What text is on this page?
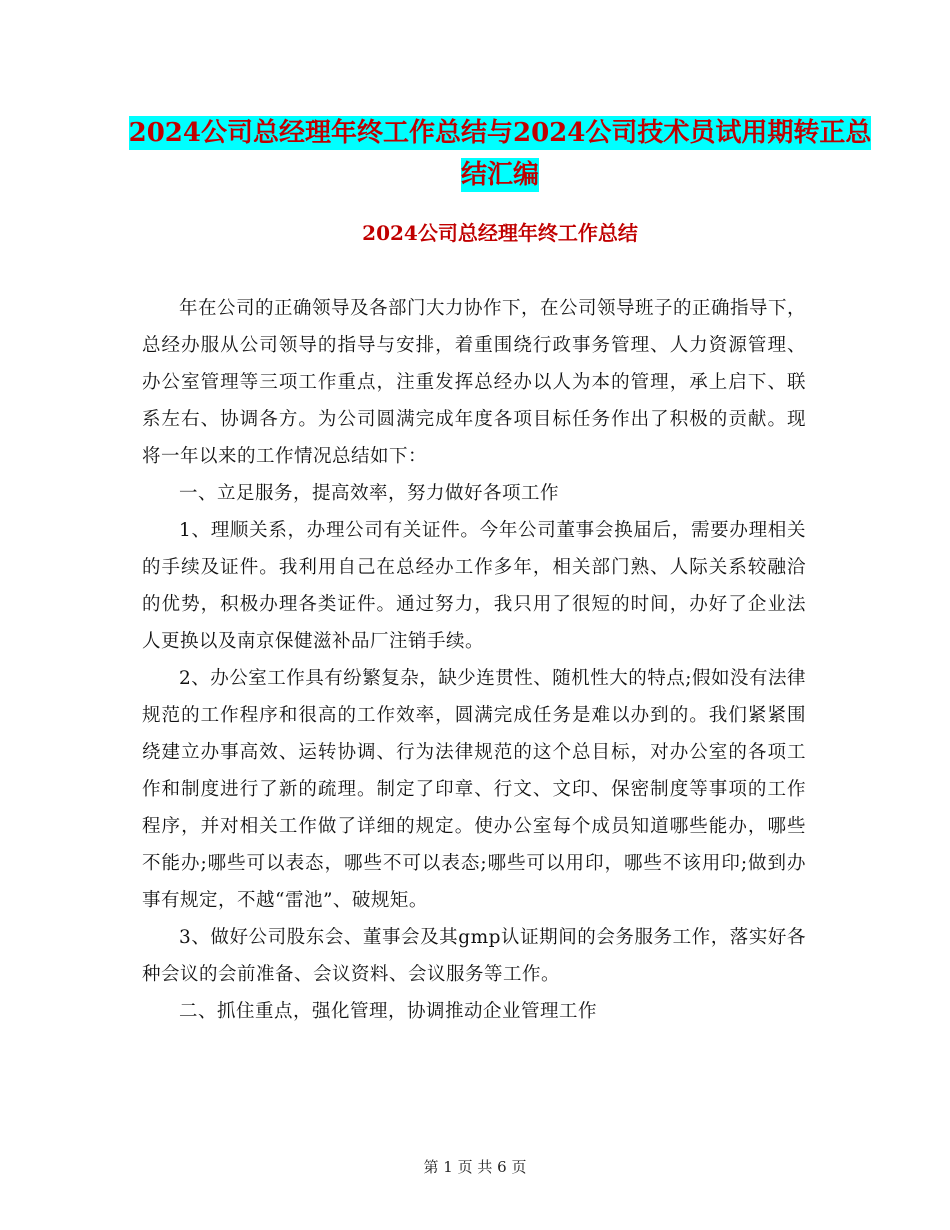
2024公司总经理年终工作总结与2024公司技术员试用期转正总结汇编
2024公司总经理年终工作总结

年在公司的正确领导及各部门大力协作下，在公司领导班子的正确指导下，总经办服从公司领导的指导与安排，着重围绕行政事务管理、人力资源管理、办公室管理等三项工作重点，注重发挥总经办以人为本的管理，承上启下、联系左右、协调各方。为公司圆满完成年度各项目标任务作出了积极的贡献。现将一年以来的工作情况总结如下：

一、立足服务，提高效率，努力做好各项工作

1、理顺关系，办理公司有关证件。今年公司董事会换届后，需要办理相关的手续及证件。我利用自己在总经办工作多年，相关部门熟、人际关系较融洽的优势，积极办理各类证件。通过努力，我只用了很短的时间，办好了企业法人更换以及南京保健滋补品厂注销手续。

2、办公室工作具有纷繁复杂，缺少连贯性、随机性大的特点;假如没有法律规范的工作程序和很高的工作效率，圆满完成任务是难以办到的。我们紧紧围绕建立办事高效、运转协调、行为法律规范的这个总目标，对办公室的各项工作和制度进行了新的疏理。制定了印章、行文、文印、保密制度等事项的工作程序，并对相关工作做了详细的规定。使办公室每个成员知道哪些能办，哪些不能办;哪些可以表态，哪些不可以表态;哪些可以用印，哪些不该用印;做到办事有规定，不越“雷池”、破规矩。

3、做好公司股东会、董事会及其gmp认证期间的会务服务工作，落实好各种会议的会前准备、会议资料、会议服务等工作。

二、抓住重点，强化管理，协调推动企业管理工作

第 1 页 共 6 页
